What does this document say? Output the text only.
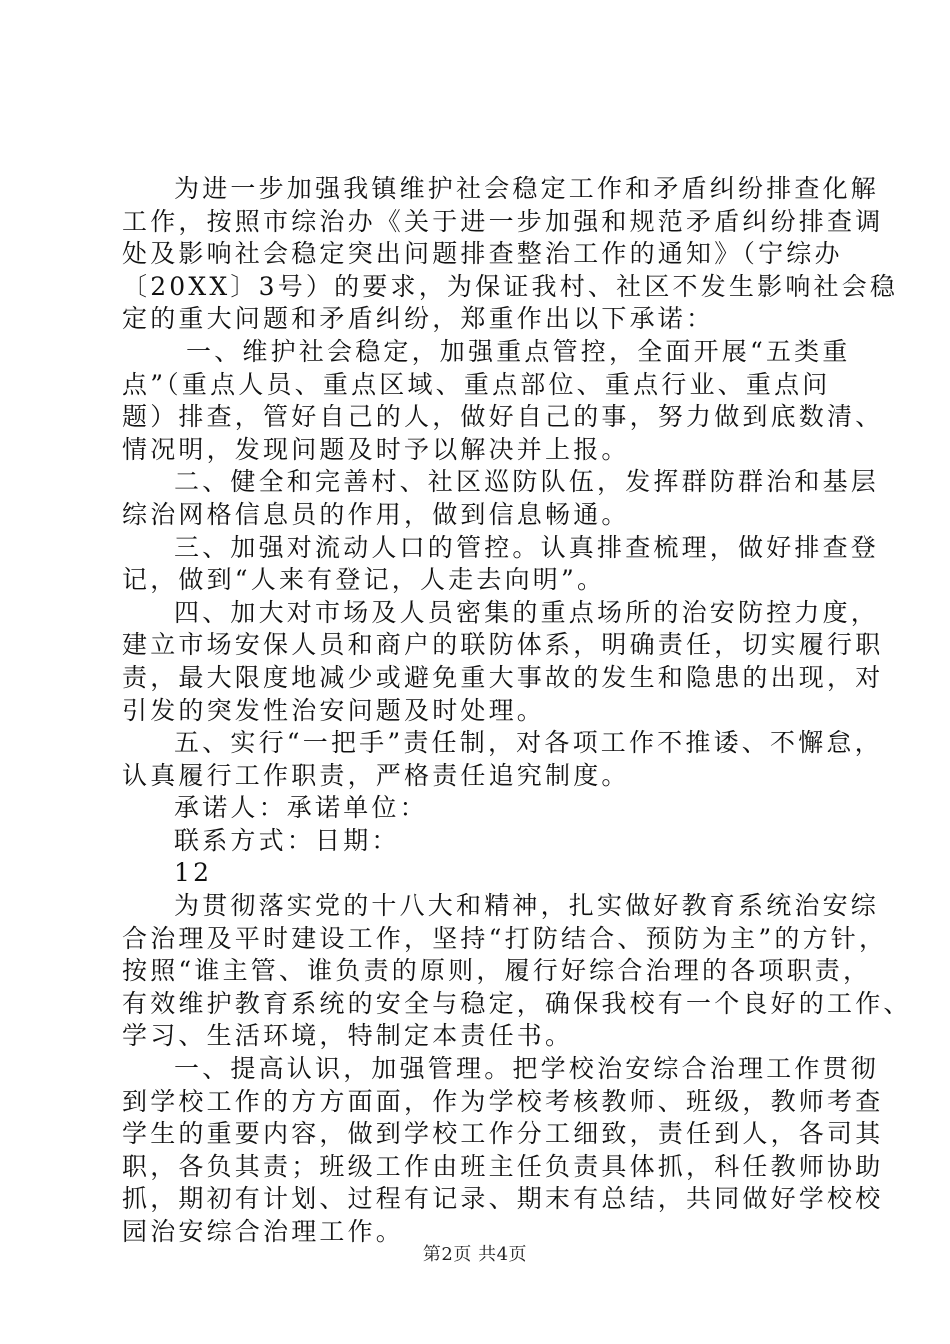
为进一步加强我镇维护社会稳定工作和矛盾纠纷排查化解
工作，按照市综治办《关于进一步加强和规范矛盾纠纷排查调
处及影响社会稳定突出问题排查整治工作的通知》（宁综办
〔20XX〕3号）的要求，为保证我村、社区不发生影响社会稳
定的重大问题和矛盾纠纷，郑重作出以下承诺：
一、维护社会稳定，加强重点管控，全面开展“五类重
点”（重点人员、重点区域、重点部位、重点行业、重点问
题）排查，管好自己的人，做好自己的事，努力做到底数清、
情况明，发现问题及时予以解决并上报。
二、健全和完善村、社区巡防队伍，发挥群防群治和基层
综治网格信息员的作用，做到信息畅通。
三、加强对流动人口的管控。认真排查梳理，做好排查登
记，做到“人来有登记，人走去向明”。
四、加大对市场及人员密集的重点场所的治安防控力度，
建立市场安保人员和商户的联防体系，明确责任，切实履行职
责，最大限度地减少或避免重大事故的发生和隐患的出现，对
引发的突发性治安问题及时处理。
五、实行“一把手”责任制，对各项工作不推诿、不懈怠，
认真履行工作职责，严格责任追究制度。
承诺人：承诺单位：
联系方式：日期：
12
为贯彻落实党的十八大和精神，扎实做好教育系统治安综
合治理及平时建设工作，坚持“打防结合、预防为主”的方针，
按照“谁主管、谁负责的原则，履行好综合治理的各项职责，
有效维护教育系统的安全与稳定，确保我校有一个良好的工作、
学习、生活环境，特制定本责任书。
一、提高认识，加强管理。把学校治安综合治理工作贯彻
到学校工作的方方面面，作为学校考核教师、班级，教师考查
学生的重要内容，做到学校工作分工细致，责任到人，各司其
职，各负其责；班级工作由班主任负责具体抓，科任教师协助
抓，期初有计划、过程有记录、期末有总结，共同做好学校校
园治安综合治理工作。
第2页 共4页
